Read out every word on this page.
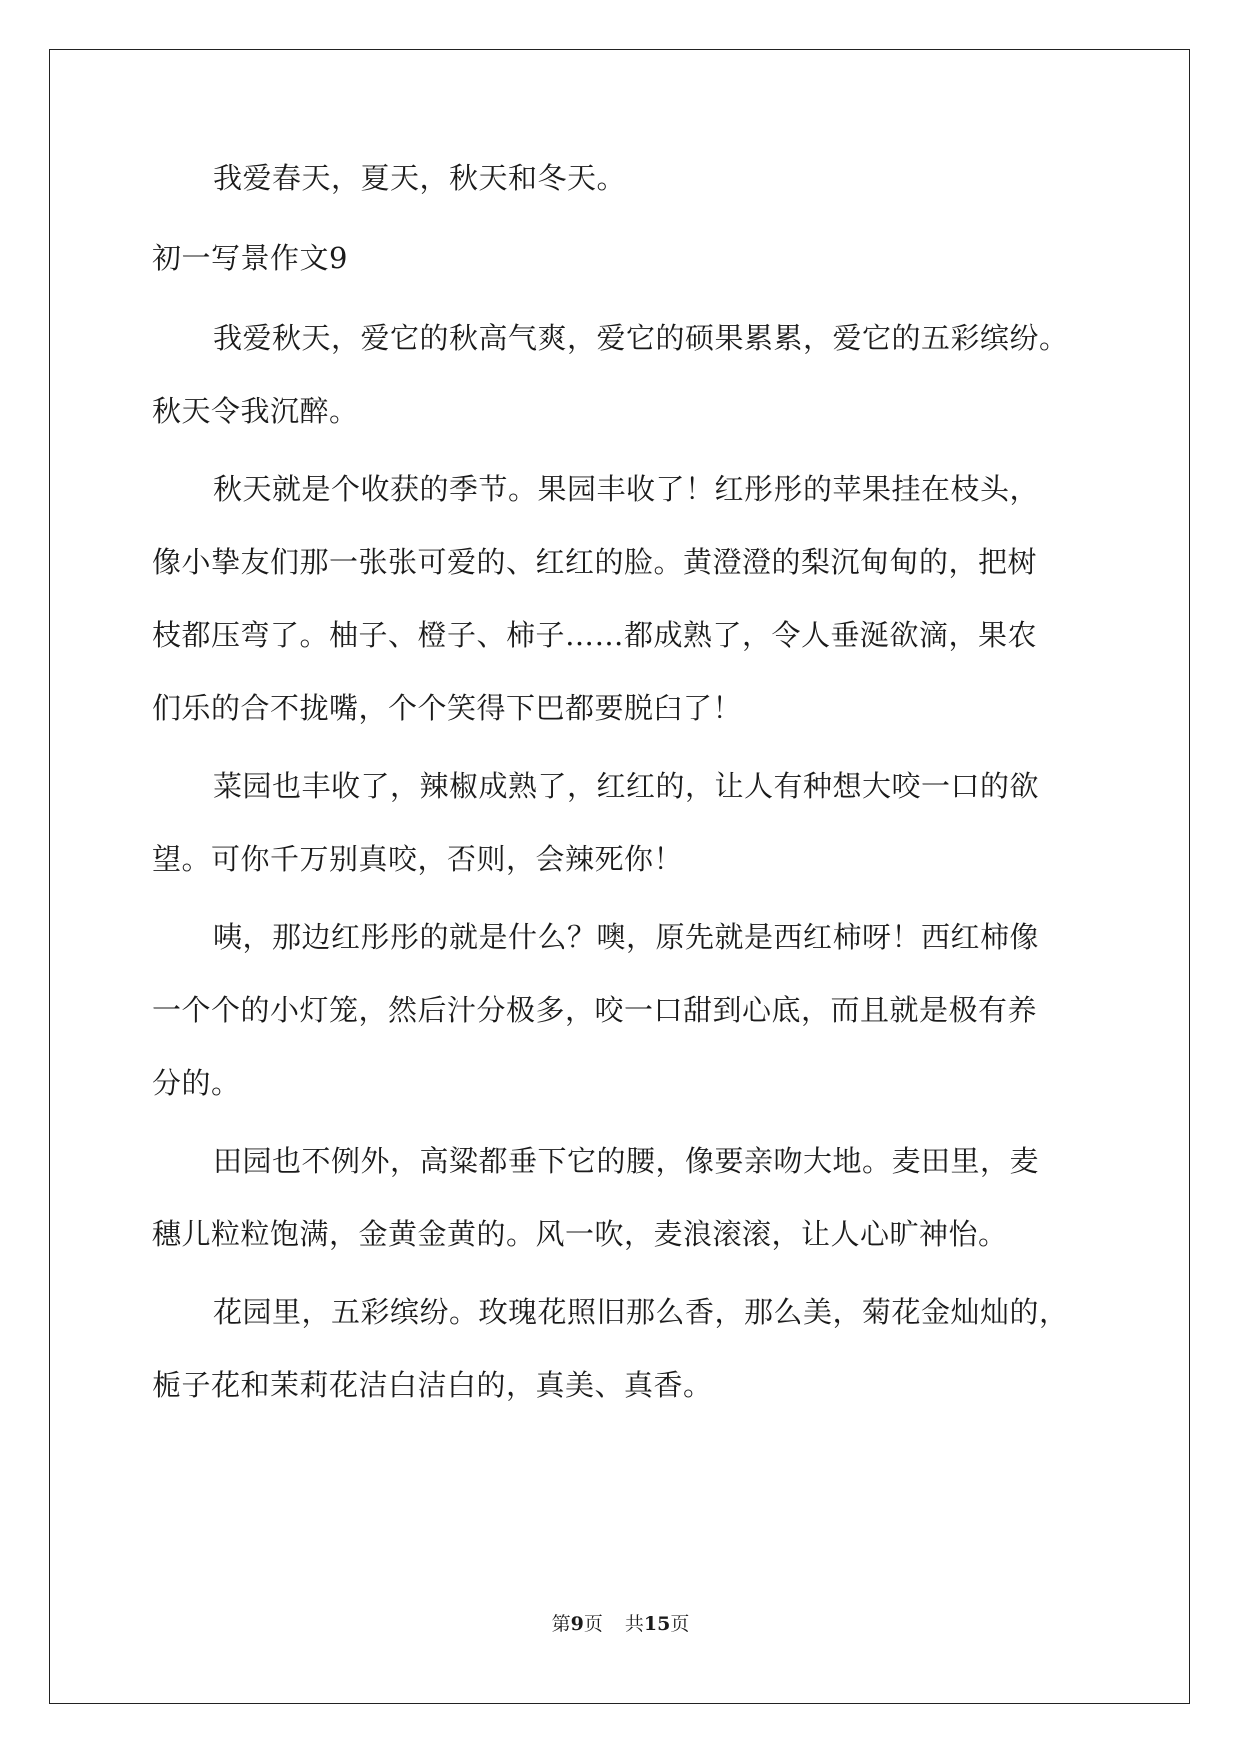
我爱春天，夏天，秋天和冬天。
初一写景作文9
我爱秋天，爱它的秋高气爽，爱它的硕果累累，爱它的五彩缤纷。
秋天令我沉醉。
秋天就是个收获的季节。果园丰收了！红彤彤的苹果挂在枝头，
像小挚友们那一张张可爱的、红红的脸。黄澄澄的梨沉甸甸的，把树
枝都压弯了。柚子、橙子、柿子……都成熟了，令人垂涎欲滴，果农
们乐的合不拢嘴，个个笑得下巴都要脱臼了！
菜园也丰收了，辣椒成熟了，红红的，让人有种想大咬一口的欲
望。可你千万别真咬，否则，会辣死你！
咦，那边红彤彤的就是什么？噢，原先就是西红柿呀！西红柿像
一个个的小灯笼，然后汁分极多，咬一口甜到心底，而且就是极有养
分的。
田园也不例外，高粱都垂下它的腰，像要亲吻大地。麦田里，麦
穗儿粒粒饱满，金黄金黄的。风一吹，麦浪滚滚，让人心旷神怡。
花园里，五彩缤纷。玫瑰花照旧那么香，那么美，菊花金灿灿的，
栀子花和茉莉花洁白洁白的，真美、真香。
第9页 共15页
